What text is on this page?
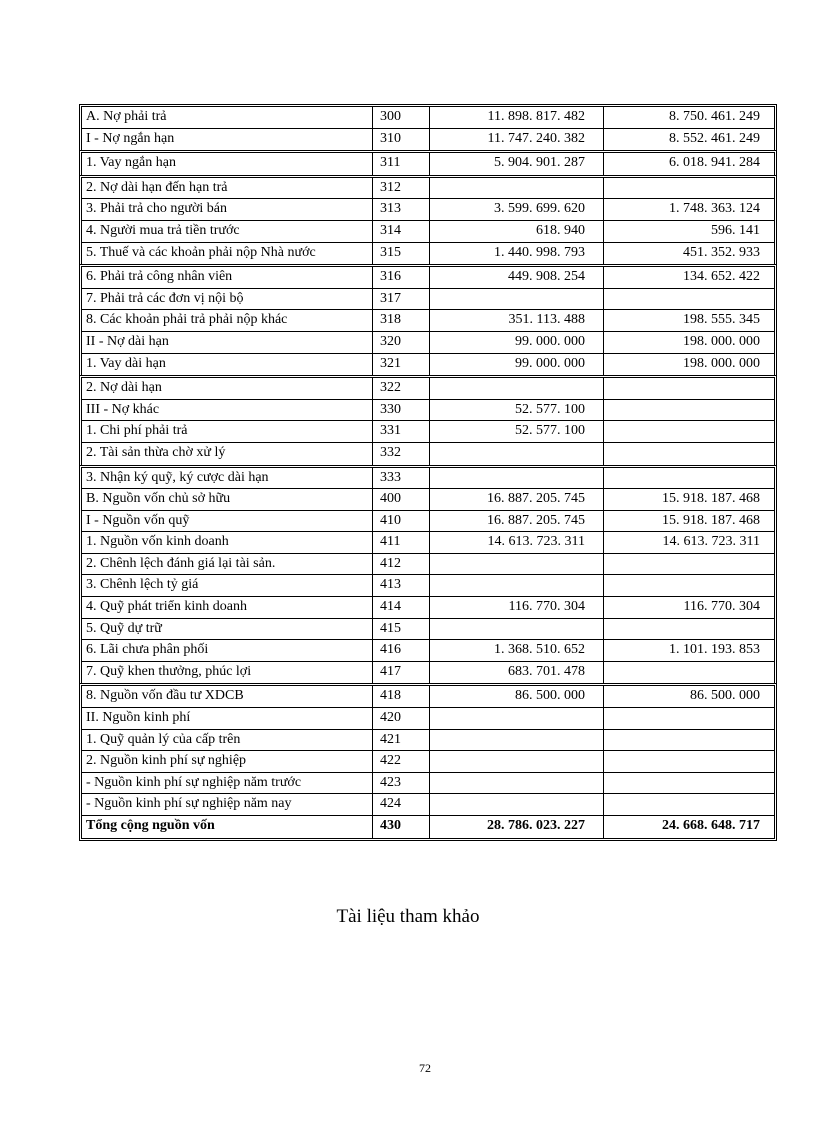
A. Nợ phải trả	300	11. 898. 817. 482	8. 750. 461. 249
I - Nợ ngắn hạn	310	11. 747. 240. 382	8. 552. 461. 249
1. Vay ngắn hạn	311	5. 904. 901. 287	6. 018. 941. 284
2. Nợ dài hạn đến hạn trả	312
3. Phải trả cho người bán	313	3. 599. 699. 620	1. 748. 363. 124
4. Người mua trả tiền trước	314	618. 940	596. 141
5. Thuế và các khoản phải nộp Nhà nước	315	1. 440. 998. 793	451. 352. 933
6. Phải trả công nhân viên	316	449. 908. 254	134. 652. 422
7. Phải trả các đơn vị nội bộ	317
8. Các khoản phải trả phải nộp khác	318	351. 113. 488	198. 555. 345
II - Nợ dài hạn	320	99. 000. 000	198. 000. 000
1. Vay dài hạn	321	99. 000. 000	198. 000. 000
2. Nợ dài hạn	322
III - Nợ khác	330	52. 577. 100
1. Chi phí phải trả	331	52. 577. 100
2. Tài sản thừa chờ xử lý	332
3. Nhận ký quỹ, ký cược dài hạn	333
B. Nguồn vốn chủ sở hữu	400	16. 887. 205. 745	15. 918. 187. 468
I - Nguồn vốn quỹ	410	16. 887. 205. 745	15. 918. 187. 468
1. Nguồn vốn kinh doanh	411	14. 613. 723. 311	14. 613. 723. 311
2. Chênh lệch đánh giá lại tài sản.	412
3. Chênh lệch tỷ giá	413
4. Quỹ phát triển kinh doanh	414	116. 770. 304	116. 770. 304
5. Quỹ dự trữ	415
6. Lãi chưa phân phối	416	1. 368. 510. 652	1. 101. 193. 853
7. Quỹ khen thưởng, phúc lợi	417	683. 701. 478
8. Nguồn vốn đầu tư XDCB	418	86. 500. 000	86. 500. 000
II. Nguồn kinh phí	420
1. Quỹ quản lý của cấp trên	421
2. Nguồn kinh phí sự nghiệp	422
- Nguồn kinh phí sự nghiệp năm trước	423
- Nguồn kinh phí sự nghiệp năm nay	424
Tổng cộng nguồn vốn	430	28. 786. 023. 227	24. 668. 648. 717
Tài liệu tham khảo
72
